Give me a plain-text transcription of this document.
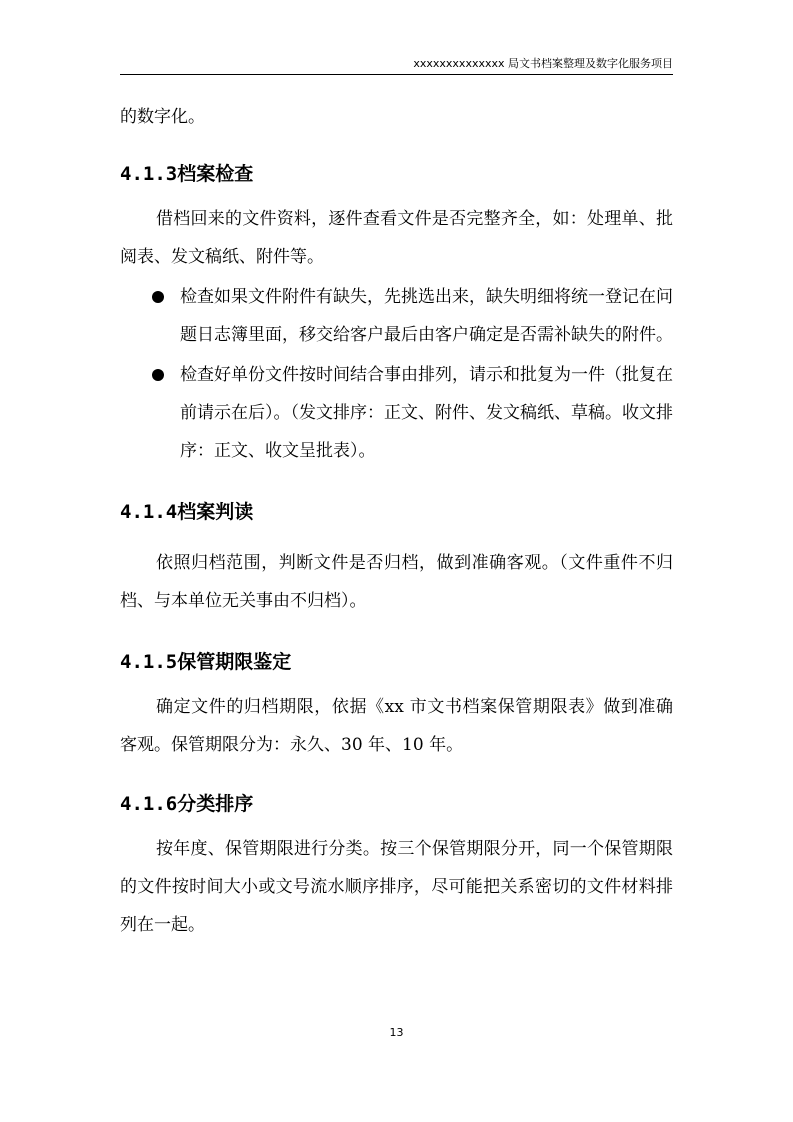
xxxxxxxxxxxxxx 局文书档案整理及数字化服务项目

的数字化。

4.1.3档案检查

借档回来的文件资料，逐件查看文件是否完整齐全，如：处理单、批阅表、发文稿纸、附件等。

检查如果文件附件有缺失，先挑选出来，缺失明细将统一登记在问题日志簿里面，移交给客户最后由客户确定是否需补缺失的附件。
检查好单份文件按时间结合事由排列，请示和批复为一件（批复在前请示在后）。（发文排序：正文、附件、发文稿纸、草稿。收文排序：正文、收文呈批表）。
4.1.4档案判读

依照归档范围，判断文件是否归档，做到准确客观。（文件重件不归档、与本单位无关事由不归档）。

4.1.5保管期限鉴定

确定文件的归档期限，依据《xx 市文书档案保管期限表》做到准确客观。保管期限分为：永久、30 年、10 年。

4.1.6分类排序

按年度、保管期限进行分类。按三个保管期限分开，同一个保管期限的文件按时间大小或文号流水顺序排序，尽可能把关系密切的文件材料排列在一起。

13
